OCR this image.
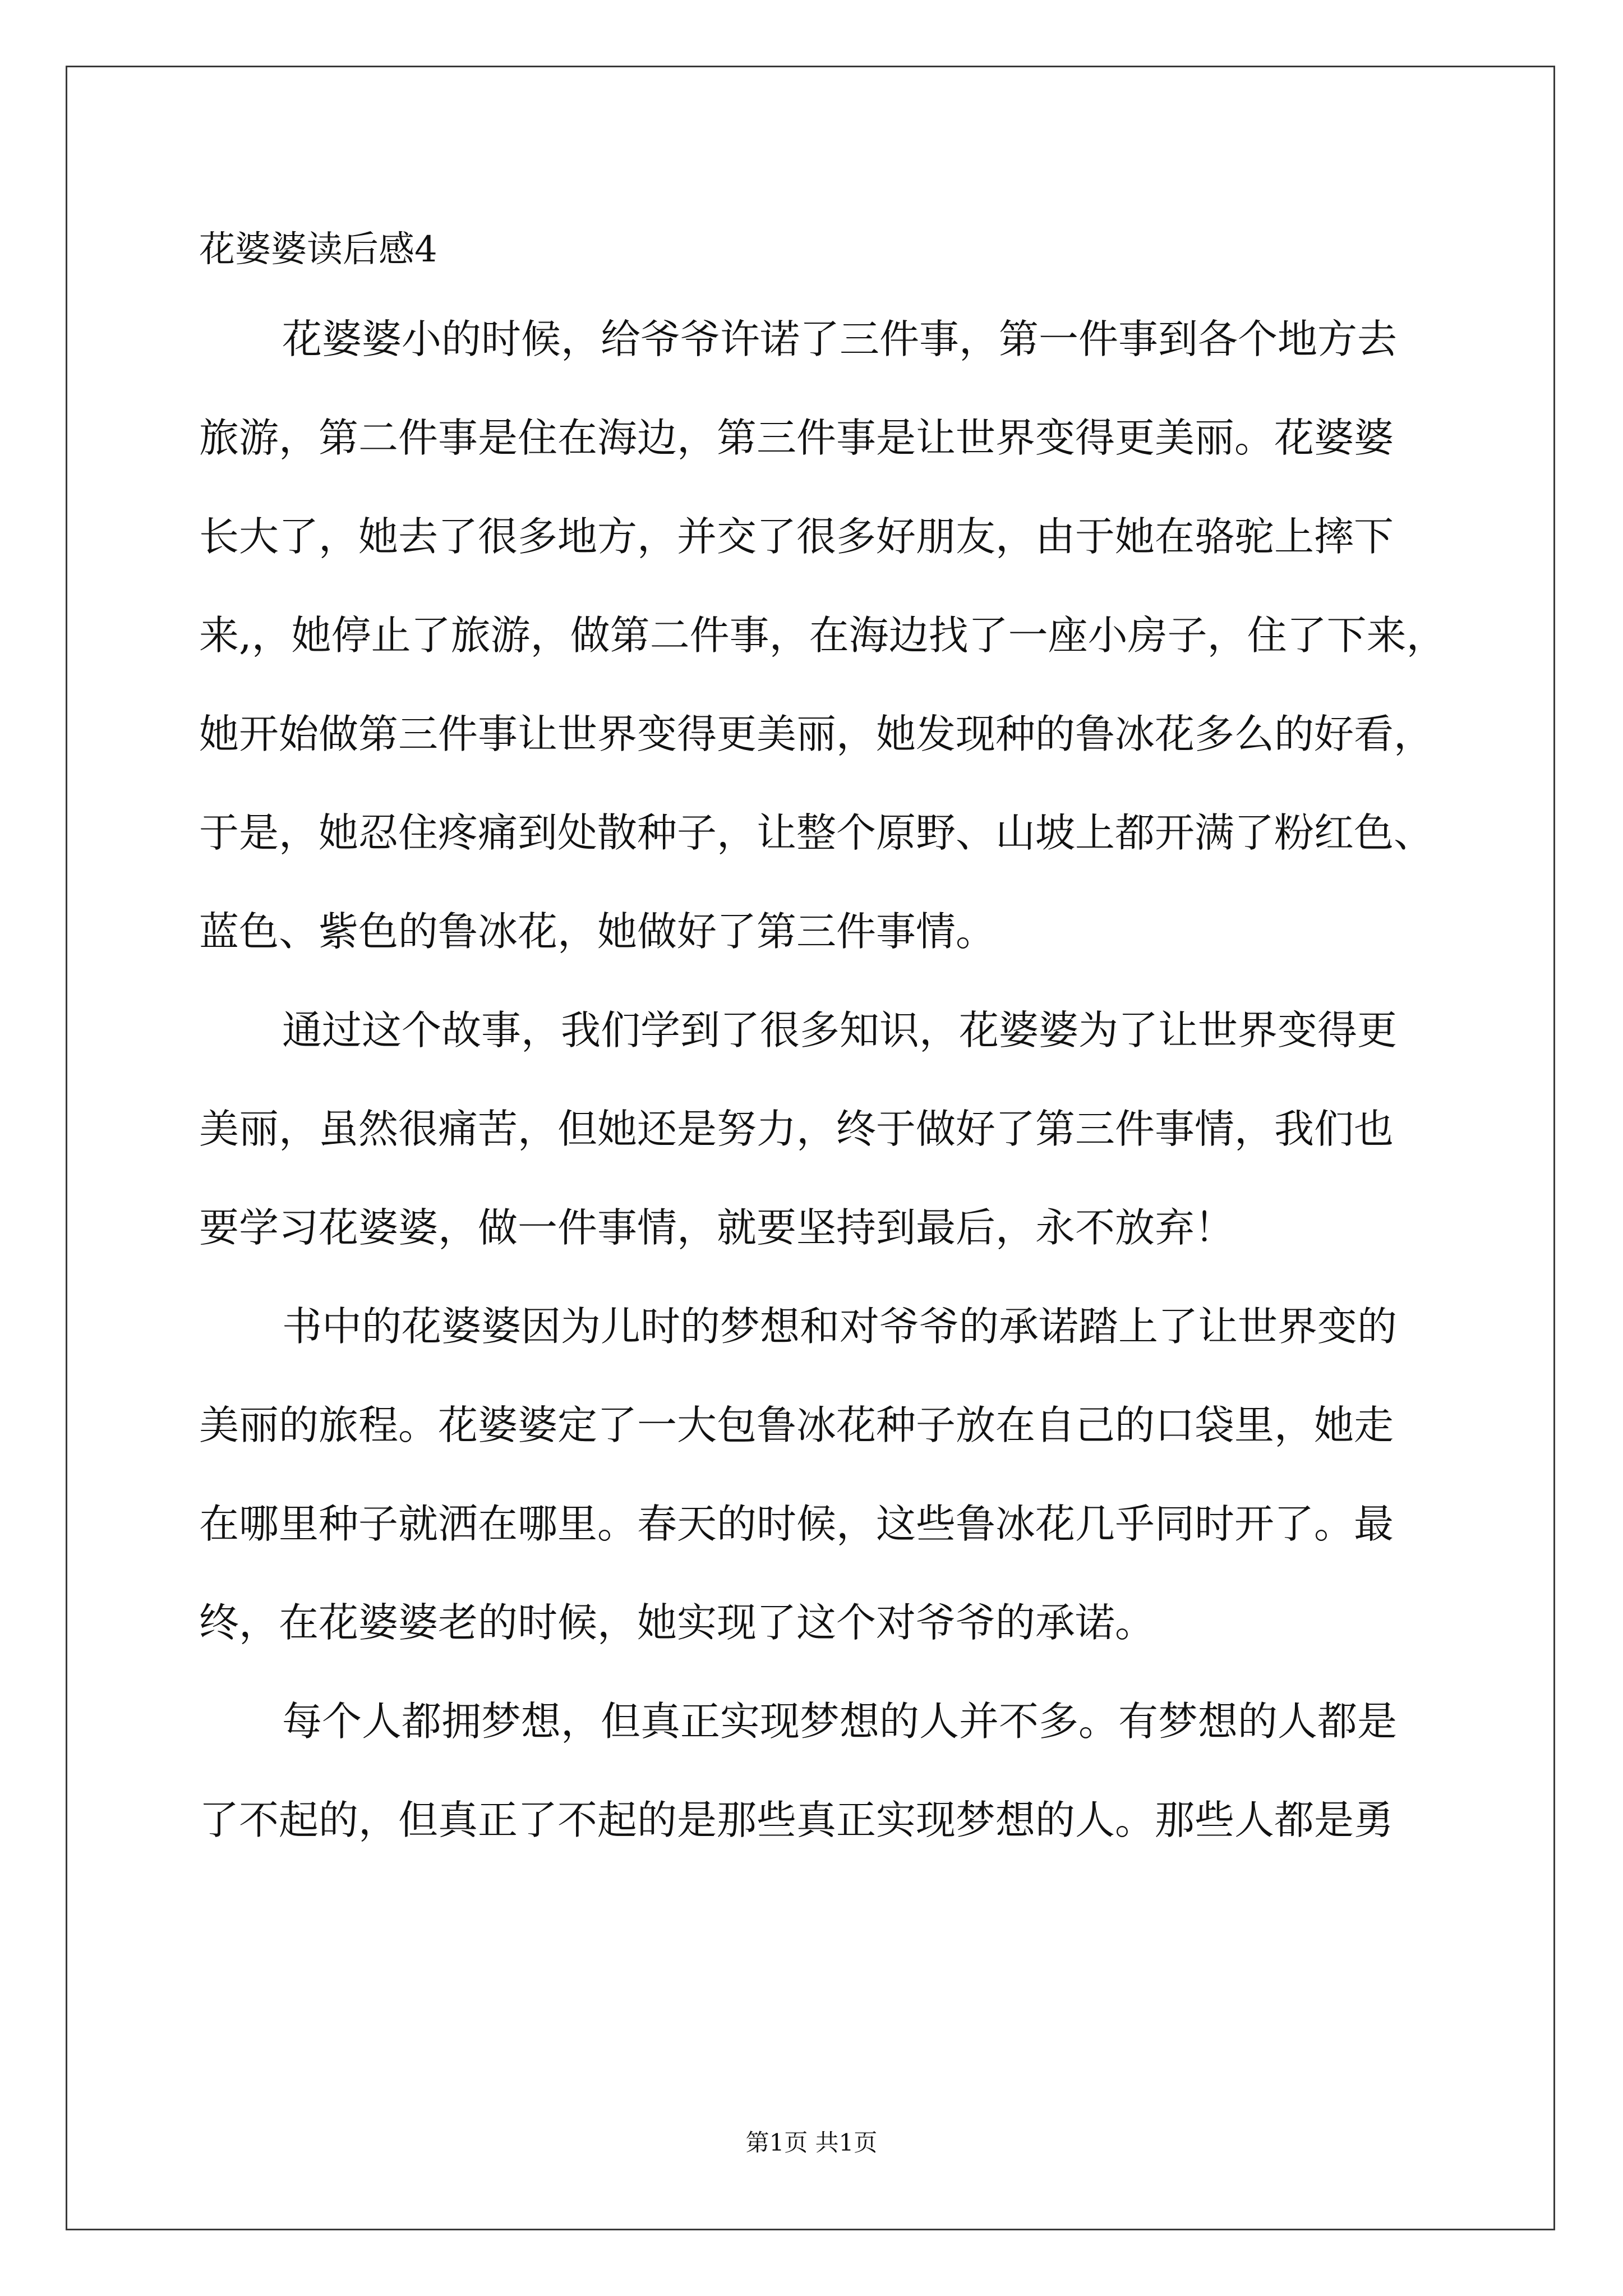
花婆婆读后感4
花婆婆小的时候，给爷爷许诺了三件事，第一件事到各个地方去
旅游，第二件事是住在海边，第三件事是让世界变得更美丽。花婆婆
长大了，她去了很多地方，并交了很多好朋友，由于她在骆驼上摔下
来,，她停止了旅游，做第二件事，在海边找了一座小房子，住了下来，
她开始做第三件事让世界变得更美丽，她发现种的鲁冰花多么的好看，
于是，她忍住疼痛到处散种子，让整个原野、山坡上都开满了粉红色、
蓝色、紫色的鲁冰花，她做好了第三件事情。
通过这个故事，我们学到了很多知识，花婆婆为了让世界变得更
美丽，虽然很痛苦，但她还是努力，终于做好了第三件事情，我们也
要学习花婆婆，做一件事情，就要坚持到最后，永不放弃！
书中的花婆婆因为儿时的梦想和对爷爷的承诺踏上了让世界变的
美丽的旅程。花婆婆定了一大包鲁冰花种子放在自己的口袋里，她走
在哪里种子就洒在哪里。春天的时候，这些鲁冰花几乎同时开了。最
终，在花婆婆老的时候，她实现了这个对爷爷的承诺。
每个人都拥梦想，但真正实现梦想的人并不多。有梦想的人都是
了不起的，但真正了不起的是那些真正实现梦想的人。那些人都是勇
第1页 共1页
